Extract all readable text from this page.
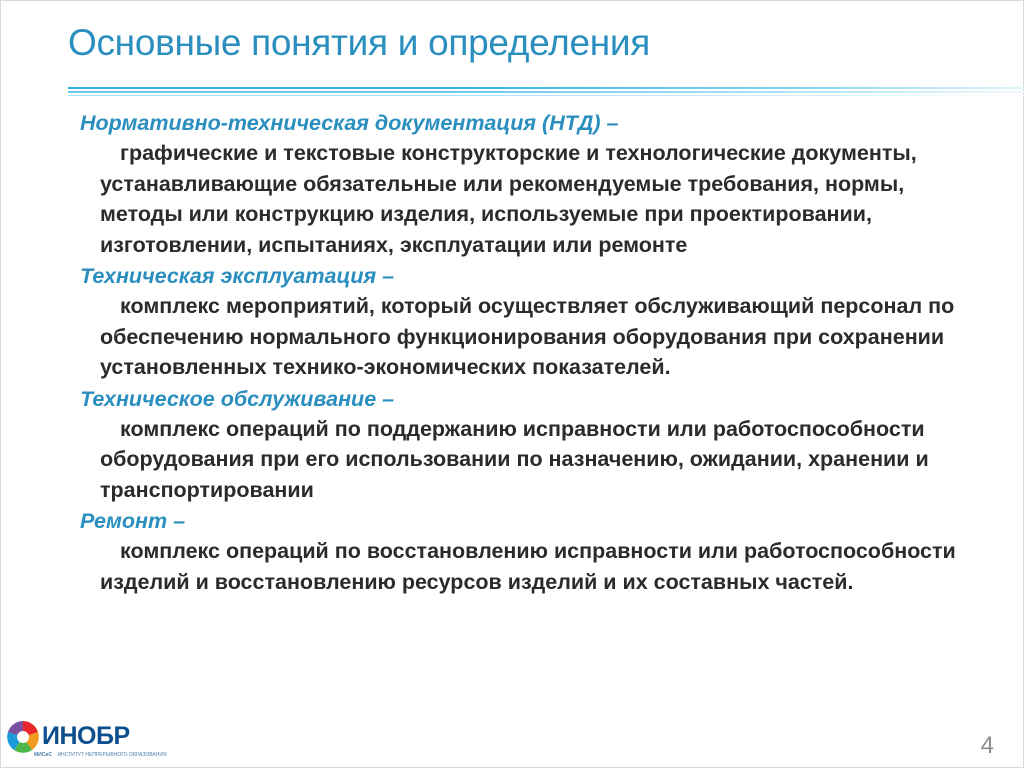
Основные понятия и определения
Нормативно-техническая документация (НТД) –

графические и текстовые конструкторские и технологические документы, устанавливающие обязательные или рекомендуемые требования, нормы, методы или конструкцию изделия, используемые при проектировании, изготовлении, испытаниях, эксплуатации или ремонте

Техническая эксплуатация –

комплекс мероприятий, который осуществляет обслуживающий персонал по обеспечению нормального функционирования оборудования при сохранении установленных технико-экономических показателей.

Техническое обслуживание –

комплекс операций по поддержанию исправности или работоспособности оборудования при его использовании по назначению, ожидании, хранении и транспортировании

Ремонт –

комплекс операций по восстановлению исправности или работоспособности изделий и восстановлению ресурсов изделий и их составных частей.

ИНОБР
МИСиС ИНСТИТУТ НЕПРЕРЫВНОГО ОБРАЗОВАНИЯ	4
